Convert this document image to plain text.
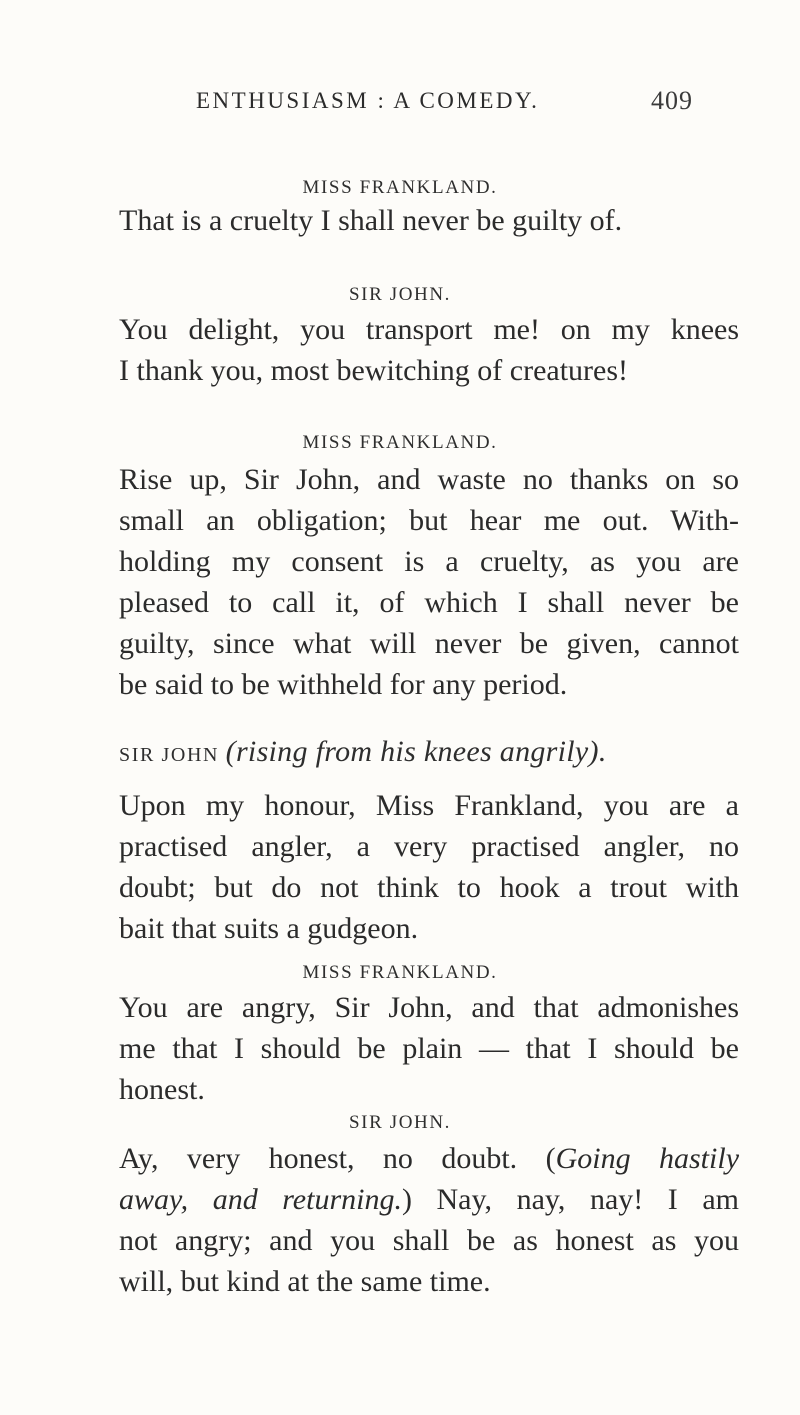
ENTHUSIASM : A COMEDY.	409
MISS FRANKLAND.
That is a cruelty I shall never be guilty of.
SIR JOHN.
You delight, you transport me! on my knees
I thank you, most bewitching of creatures!
MISS FRANKLAND.
Rise up, Sir John, and waste no thanks on so
small an obligation; but hear me out. With-
holding my consent is a cruelty, as you are
pleased to call it, of which I shall never be
guilty, since what will never be given, cannot
be said to be withheld for any period.
SIR JOHN (rising from his knees angrily).
Upon my honour, Miss Frankland, you are a
practised angler, a very practised angler, no
doubt; but do not think to hook a trout with
bait that suits a gudgeon.
MISS FRANKLAND.
You are angry, Sir John, and that admonishes
me that I should be plain — that I should be
honest.
SIR JOHN.
Ay, very honest, no doubt. (Going hastily
away, and returning.) Nay, nay, nay! I am
not angry; and you shall be as honest as you
will, but kind at the same time.
